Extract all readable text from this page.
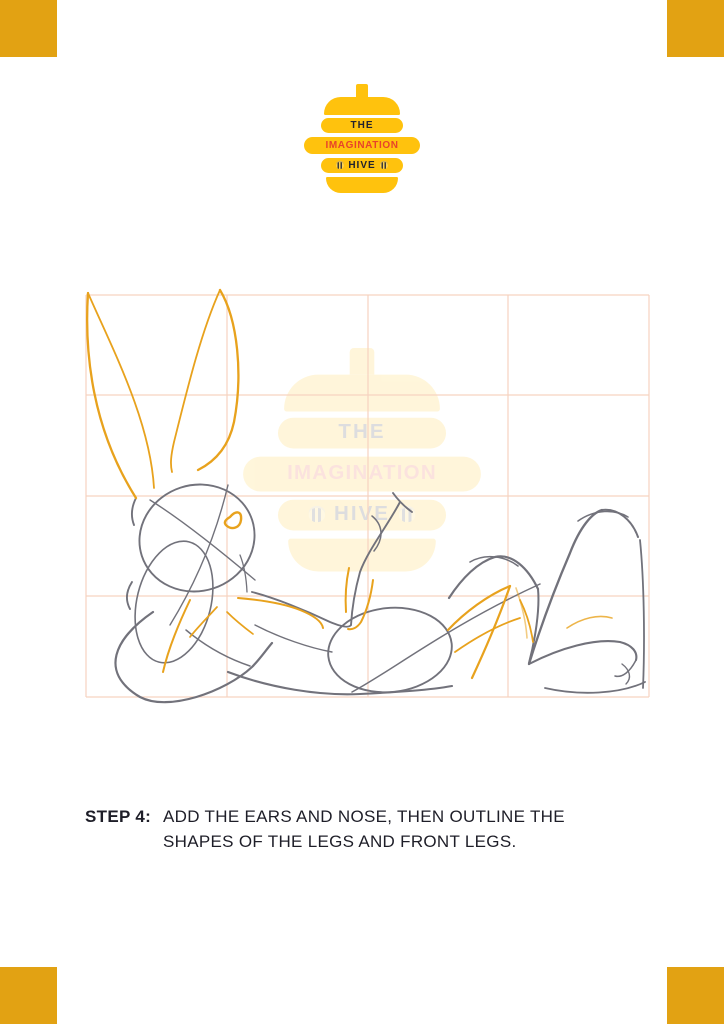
THE
IMAGINATION
HIVE
THE
IMAGINATION
HIVE
STEP 4: ADD THE EARS AND NOSE, THEN OUTLINE THE
SHAPES OF THE LEGS AND FRONT LEGS.
